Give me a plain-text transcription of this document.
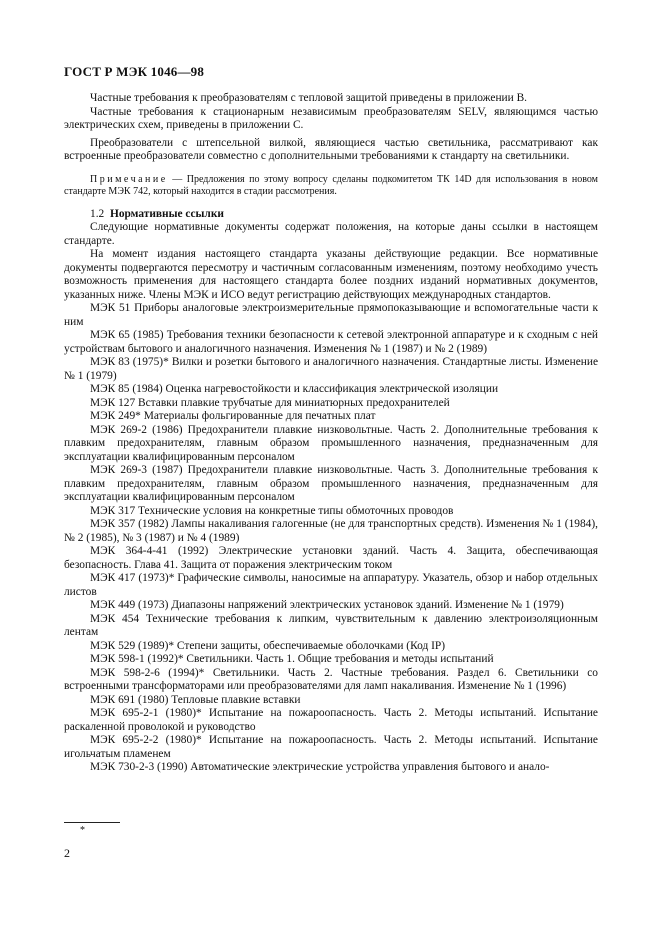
ГОСТ Р МЭК 1046—98

Частные требования к преобразователям с тепловой защитой приведены в приложении В.

Частные требования к стационарным независимым преобразователям SELV, являющимся частью электрических схем, приведены в приложении С.

Преобразователи с штепсельной вилкой, являющиеся частью светильника, рассматривают как встроенные преобразователи совместно с дополнительными требованиями к стандарту на светильники.

Примечание — Предложения по этому вопросу сделаны подкомитетом ТК 14D для использования в новом стандарте МЭК 742, который находится в стадии рассмотрения.

1.2 Нормативные ссылки

Следующие нормативные документы содержат положения, на которые даны ссылки в настоящем стандарте.

На момент издания настоящего стандарта указаны действующие редакции. Все нормативные документы подвергаются пересмотру и частичным согласованным изменениям, поэтому необходимо учесть возможность применения для настоящего стандарта более поздних изданий нормативных документов, указанных ниже. Члены МЭК и ИСО ведут регистрацию действующих международных стандартов.

МЭК 51 Приборы аналоговые электроизмерительные прямопоказывающие и вспомогательные части к ним

МЭК 65 (1985) Требования техники безопасности к сетевой электронной аппаратуре и к сходным с ней устройствам бытового и аналогичного назначения. Изменения № 1 (1987) и № 2 (1989)

МЭК 83 (1975)* Вилки и розетки бытового и аналогичного назначения. Стандартные листы. Изменение № 1 (1979)

МЭК 85 (1984) Оценка нагревостойкости и классификация электрической изоляции

МЭК 127 Вставки плавкие трубчатые для миниатюрных предохранителей

МЭК 249* Материалы фольгированные для печатных плат

МЭК 269-2 (1986) Предохранители плавкие низковольтные. Часть 2. Дополнительные требования к плавким предохранителям, главным образом промышленного назначения, предназначенным для эксплуатации квалифицированным персоналом

МЭК 269-3 (1987) Предохранители плавкие низковольтные. Часть 3. Дополнительные требования к плавким предохранителям, главным образом промышленного назначения, предназначенным для эксплуатации квалифицированным персоналом

МЭК 317 Технические условия на конкретные типы обмоточных проводов

МЭК 357 (1982) Лампы накаливания галогенные (не для транспортных средств). Изменения № 1 (1984), № 2 (1985), № 3 (1987) и № 4 (1989)

МЭК 364-4-41 (1992) Электрические установки зданий. Часть 4. Защита, обеспечивающая безопасность. Глава 41. Защита от поражения электрическим током

МЭК 417 (1973)* Графические символы, наносимые на аппаратуру. Указатель, обзор и набор отдельных листов

МЭК 449 (1973) Диапазоны напряжений электрических установок зданий. Изменение № 1 (1979)

МЭК 454 Технические требования к липким, чувствительным к давлению электроизоляционным лентам

МЭК 529 (1989)* Степени защиты, обеспечиваемые оболочками (Код IP)

МЭК 598-1 (1992)* Светильники. Часть 1. Общие требования и методы испытаний

МЭК 598-2-6 (1994)* Светильники. Часть 2. Частные требования. Раздел 6. Светильники со встроенными трансформаторами или преобразователями для ламп накаливания. Изменение № 1 (1996)

МЭК 691 (1980) Тепловые плавкие вставки

МЭК 695-2-1 (1980)* Испытание на пожароопасность. Часть 2. Методы испытаний. Испытание раскаленной проволокой и руководство

МЭК 695-2-2 (1980)* Испытание на пожароопасность. Часть 2. Методы испытаний. Испытание игольчатым пламенем

МЭК 730-2-3 (1990) Автоматические электрические устройства управления бытового и анало-

*
2
